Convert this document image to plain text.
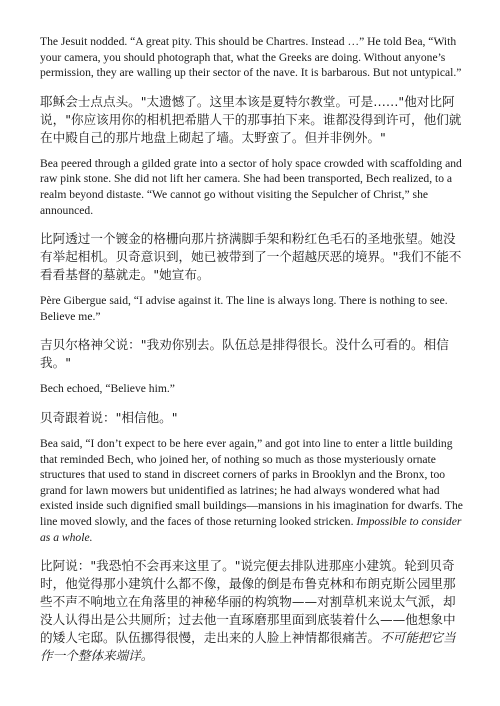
The Jesuit nodded. “A great pity. This should be Chartres. Instead …” He told Bea, “With your camera, you should photograph that, what the Greeks are doing. Without anyone’s permission, they are walling up their sector of the nave. It is barbarous. But not untypical.”

耶稣会士点点头。"太遗憾了。这里本该是夏特尔教堂。可是……"他对比阿说，"你应该用你的相机把希腊人干的那事拍下来。谁都没得到许可，他们就在中殿自己的那片地盘上砌起了墙。太野蛮了。但并非例外。"

Bea peered through a gilded grate into a sector of holy space crowded with scaffolding and raw pink stone. She did not lift her camera. She had been transported, Bech realized, to a realm beyond distaste. “We cannot go without visiting the Sepulcher of Christ,” she announced.

比阿透过一个镀金的格栅向那片挤满脚手架和粉红色毛石的圣地张望。她没有举起相机。贝奇意识到，她已被带到了一个超越厌恶的境界。"我们不能不看看基督的墓就走。"她宣布。

Père Gibergue said, “I advise against it. The line is always long. There is nothing to see. Believe me.”

吉贝尔格神父说："我劝你别去。队伍总是排得很长。没什么可看的。相信我。"

Bech echoed, “Believe him.”

贝奇跟着说："相信他。"

Bea said, “I don’t expect to be here ever again,” and got into line to enter a little building that reminded Bech, who joined her, of nothing so much as those mysteriously ornate structures that used to stand in discreet corners of parks in Brooklyn and the Bronx, too grand for lawn mowers but unidentified as latrines; he had always wondered what had existed inside such dignified small buildings—mansions in his imagination for dwarfs. The line moved slowly, and the faces of those returning looked stricken. Impossible to consider as a whole.

比阿说："我恐怕不会再来这里了。"说完便去排队进那座小建筑。轮到贝奇时，他觉得那小建筑什么都不像，最像的倒是布鲁克林和布朗克斯公园里那些不声不响地立在角落里的神秘华丽的构筑物——对割草机来说太气派，却没人认得出是公共厕所；过去他一直琢磨那里面到底装着什么——他想象中的矮人宅邸。队伍挪得很慢，走出来的人脸上神情都很痛苦。不可能把它当作一个整体来端详。
